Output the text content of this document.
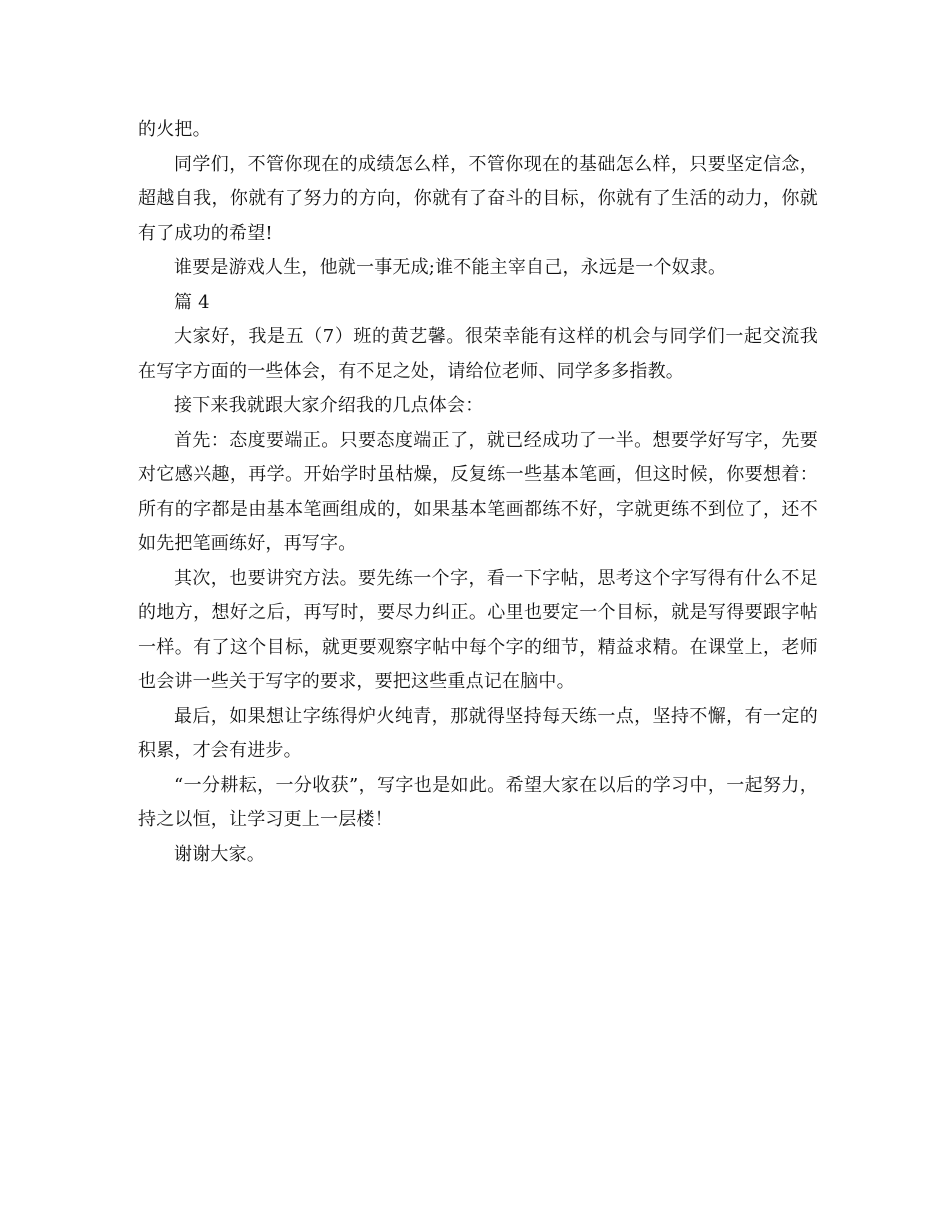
的火把。

同学们，不管你现在的成绩怎么样，不管你现在的基础怎么样，只要坚定信念，超越自我，你就有了努力的方向，你就有了奋斗的目标，你就有了生活的动力，你就有了成功的希望!

谁要是游戏人生，他就一事无成;谁不能主宰自己，永远是一个奴隶。

篇 4

大家好，我是五（7）班的黄艺馨。很荣幸能有这样的机会与同学们一起交流我在写字方面的一些体会，有不足之处，请给位老师、同学多多指教。

接下来我就跟大家介绍我的几点体会：

首先：态度要端正。只要态度端正了，就已经成功了一半。想要学好写字，先要对它感兴趣，再学。开始学时虽枯燥，反复练一些基本笔画，但这时候，你要想着：所有的字都是由基本笔画组成的，如果基本笔画都练不好，字就更练不到位了，还不如先把笔画练好，再写字。

其次，也要讲究方法。要先练一个字，看一下字帖，思考这个字写得有什么不足的地方，想好之后，再写时，要尽力纠正。心里也要定一个目标，就是写得要跟字帖一样。有了这个目标，就更要观察字帖中每个字的细节，精益求精。在课堂上，老师也会讲一些关于写字的要求，要把这些重点记在脑中。

最后，如果想让字练得炉火纯青，那就得坚持每天练一点，坚持不懈，有一定的积累，才会有进步。

“一分耕耘，一分收获”，写字也是如此。希望大家在以后的学习中，一起努力，持之以恒，让学习更上一层楼！

谢谢大家。
